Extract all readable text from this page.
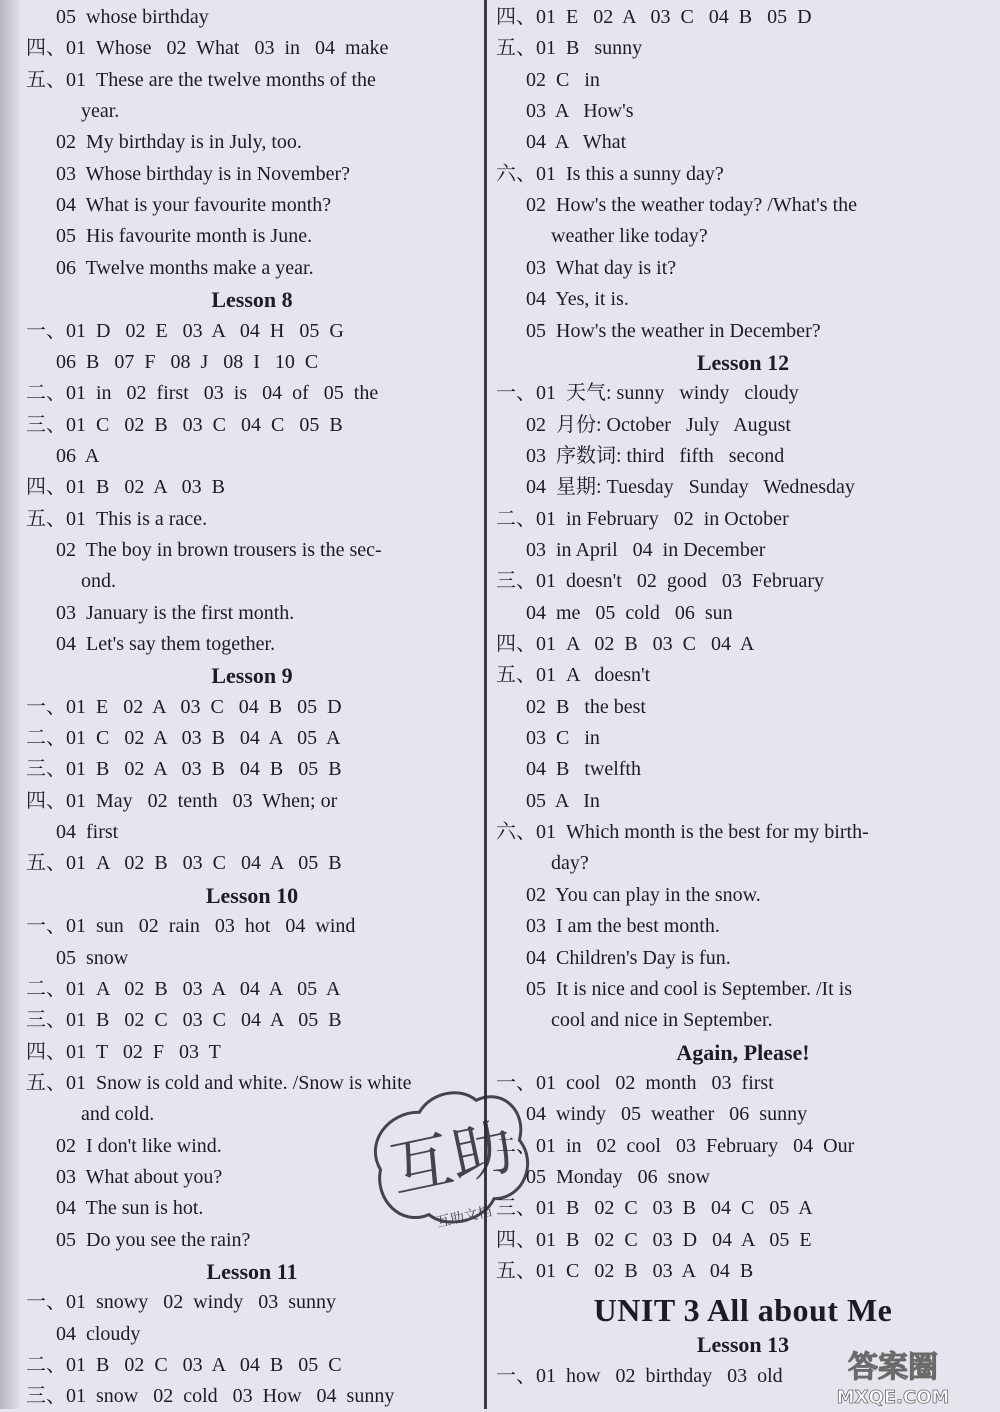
05  whose birthday
四、01  Whose   02  What   03  in   04  make
五、01  These are the twelve months of the
year.
02  My birthday is in July, too.
03  Whose birthday is in November?
04  What is your favourite month?
05  His favourite month is June.
06  Twelve months make a year.
Lesson 8
一、01  D   02  E   03  A   04  H   05  G
06  B   07  F   08  J   08  I   10  C
二、01  in   02  first   03  is   04  of   05  the
三、01  C   02  B   03  C   04  C   05  B
06  A
四、01  B   02  A   03  B
五、01  This is a race.
02  The boy in brown trousers is the sec-
ond.
03  January is the first month.
04  Let's say them together.
Lesson 9
一、01  E   02  A   03  C   04  B   05  D
二、01  C   02  A   03  B   04  A   05  A
三、01  B   02  A   03  B   04  B   05  B
四、01  May   02  tenth   03  When; or
04  first
五、01  A   02  B   03  C   04  A   05  B
Lesson 10
一、01  sun   02  rain   03  hot   04  wind
05  snow
二、01  A   02  B   03  A   04  A   05  A
三、01  B   02  C   03  C   04  A   05  B
四、01  T   02  F   03  T
五、01  Snow is cold and white. /Snow is white
and cold.
02  I don't like wind.
03  What about you?
04  The sun is hot.
05  Do you see the rain?
Lesson 11
一、01  snowy   02  windy   03  sunny
04  cloudy
二、01  B   02  C   03  A   04  B   05  C
三、01  snow   02  cold   03  How   04  sunny
四、01  E   02  A   03  C   04  B   05  D
五、01  B   sunny
02  C   in
03  A   How's
04  A   What
六、01  Is this a sunny day?
02  How's the weather today? /What's the
weather like today?
03  What day is it?
04  Yes, it is.
05  How's the weather in December?
Lesson 12
一、01  天气: sunny   windy   cloudy
02  月份: October   July   August
03  序数词: third   fifth   second
04  星期: Tuesday   Sunday   Wednesday
二、01  in February   02  in October
03  in April   04  in December
三、01  doesn't   02  good   03  February
04  me   05  cold   06  sun
四、01  A   02  B   03  C   04  A
五、01  A   doesn't
02  B   the best
03  C   in
04  B   twelfth
05  A   In
六、01  Which month is the best for my birth-
day?
02  You can play in the snow.
03  I am the best month.
04  Children's Day is fun.
05  It is nice and cool is September. /It is
cool and nice in September.
Again, Please!
一、01  cool   02  month   03  first
04  windy   05  weather   06  sunny
二、01  in   02  cool   03  February   04  Our
05  Monday   06  snow
三、01  B   02  C   03  B   04  C   05  A
四、01  B   02  C   03  D   04  A   05  E
五、01  C   02  B   03  A   04  B
UNIT 3 All about Me
Lesson 13
一、01  how   02  birthday   03  old
互助
互助文档
答案圈
MXQE.COM
